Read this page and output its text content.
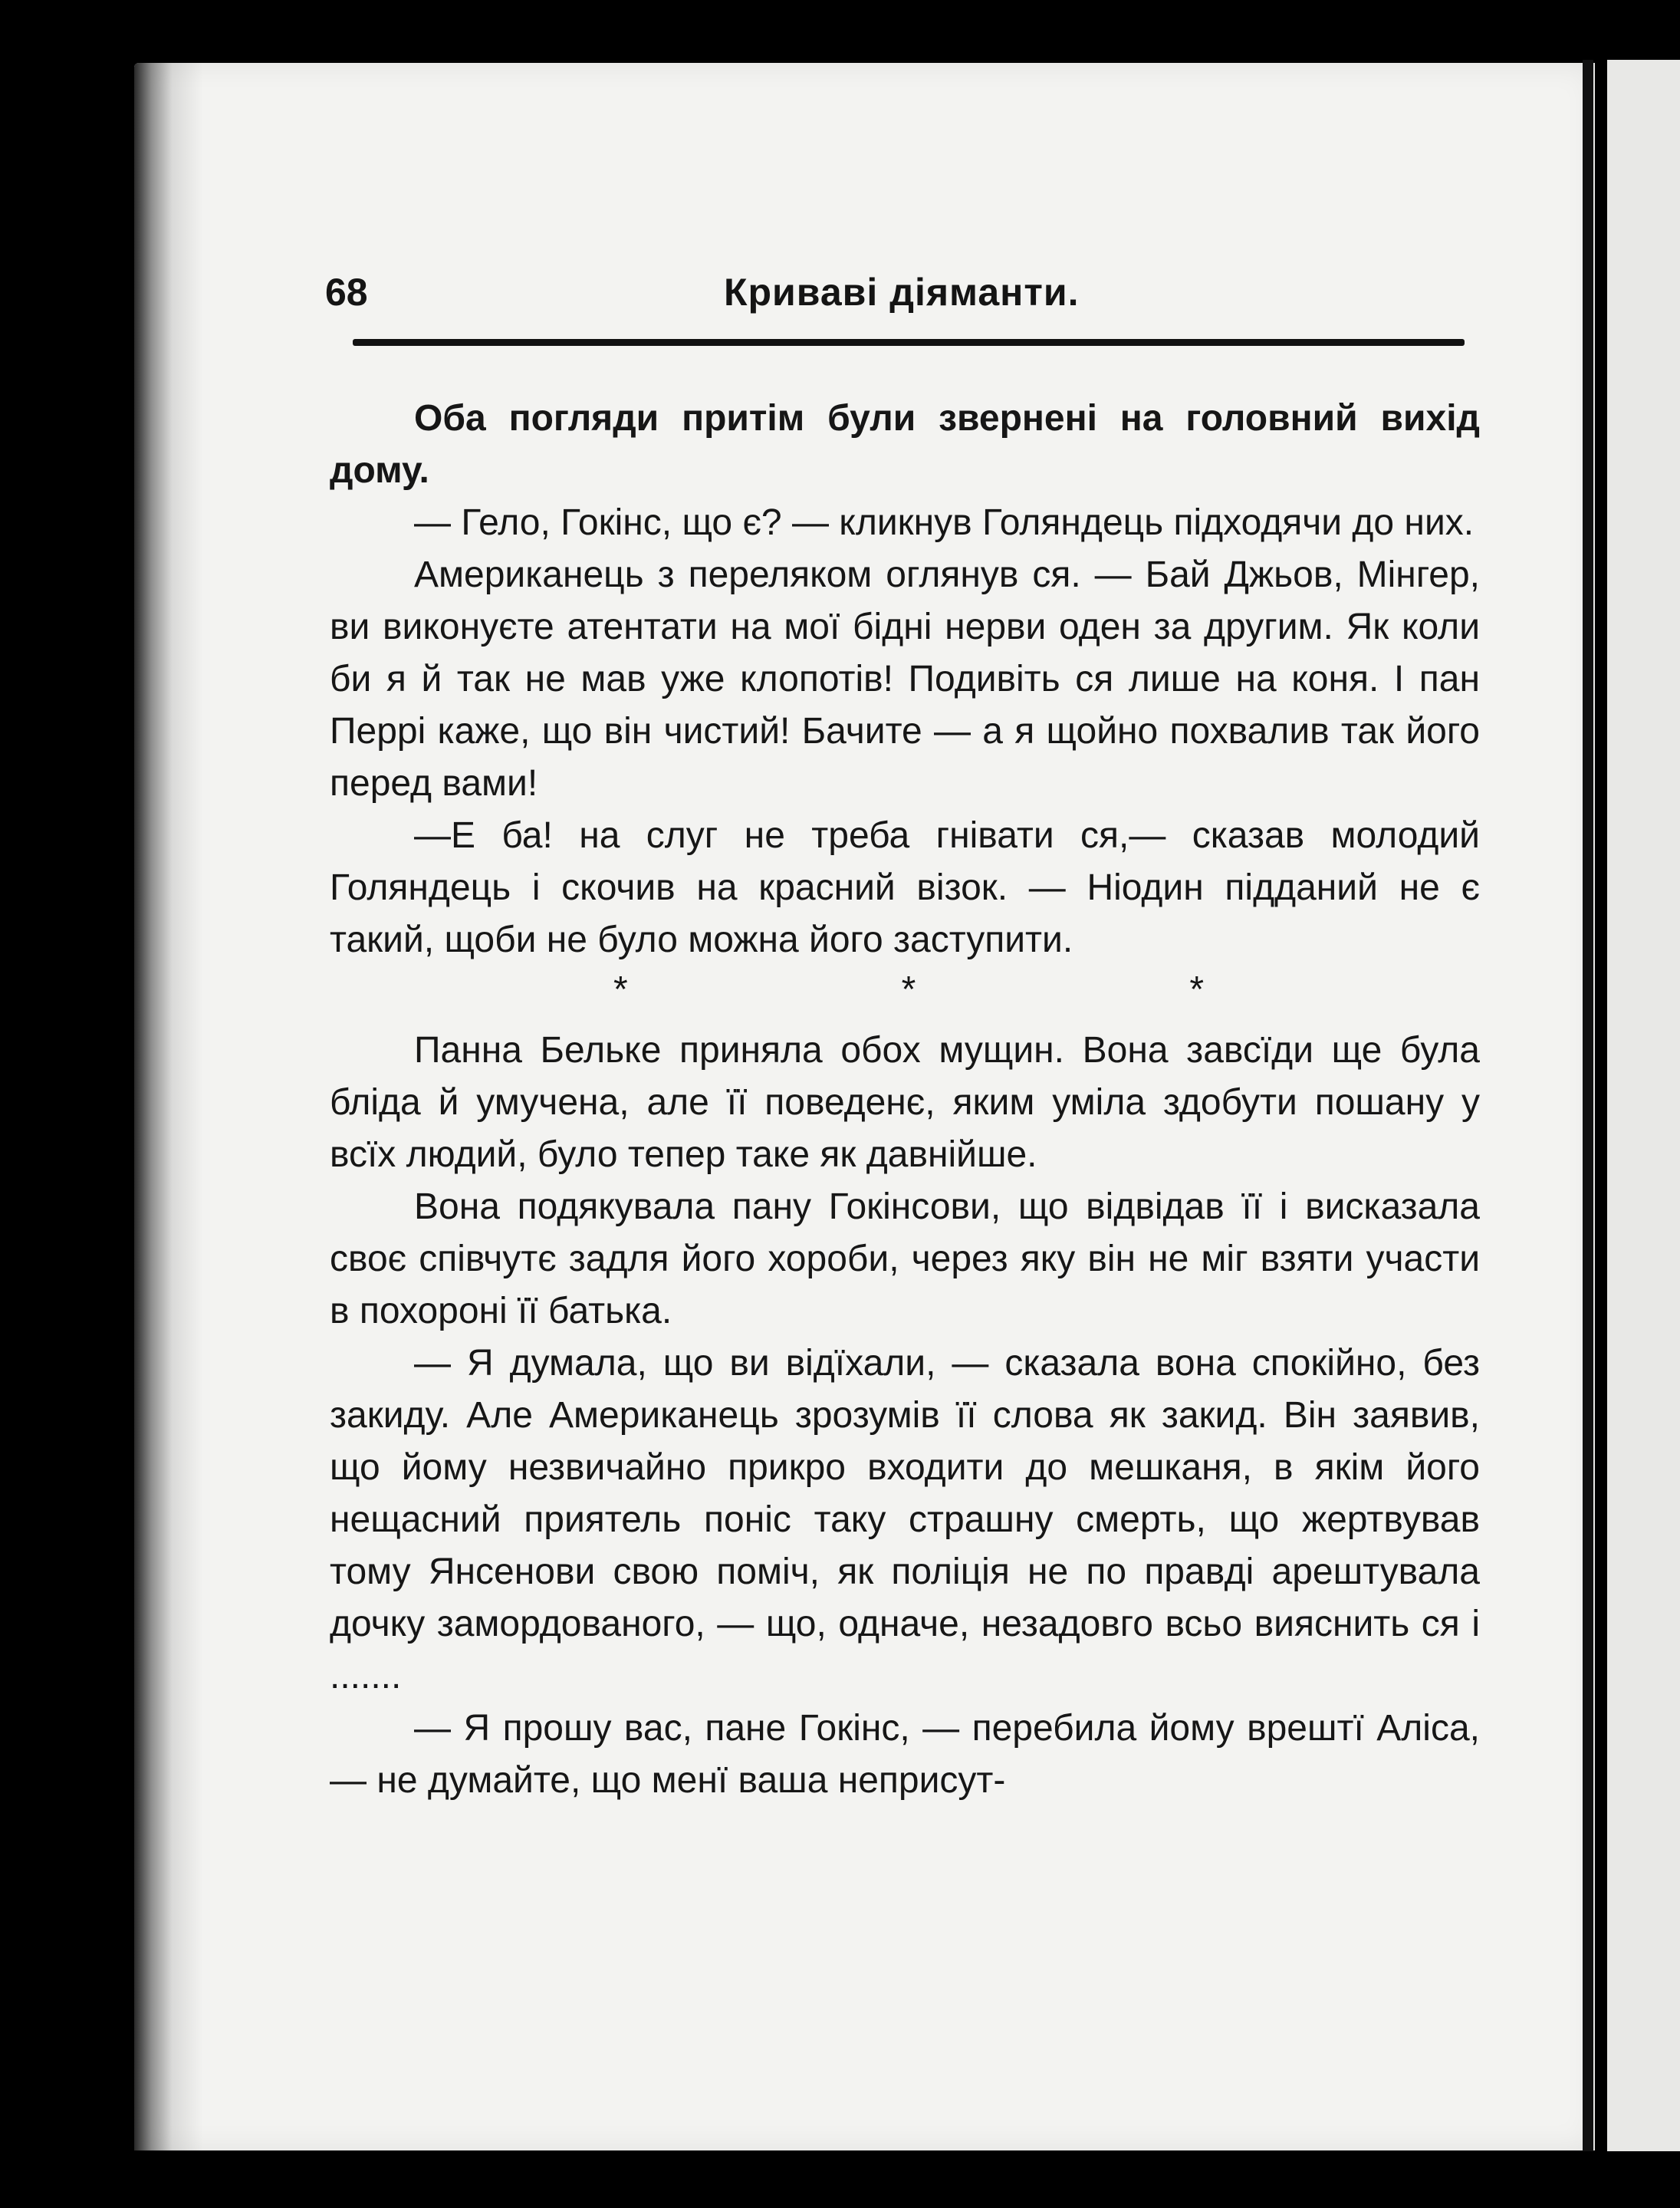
68	Криваві діяманти.

Оба погляди притім були звернені на головний вихід дому.

— Гело, Гокінс, що є? — кликнув Голяндець підходячи до них.

Американець з переляком оглянув ся. — Бай Джьов, Мінгер, ви виконуєте атентати на мої бідні нерви оден за другим. Як коли би я й так не мав уже клопотів! Подивіть ся лише на коня. І пан Перрі каже, що він чистий! Бачите — а я щойно похвалив так його перед вами!

—Е ба! на слуг не треба гнівати ся,— сказав молодий Голяндець і скочив на красний візок. — Ніодин підданий не є такий, щоби не було можна його заступити.

*	*	*

Панна Бельке приняла обох мущин. Вона завсїди ще була бліда й умучена, але її поведенє, яким уміла здобути пошану у всїх людий, було тепер таке як давнійше.

Вона подякувала пану Гокінсови, що відвідав її і висказала своє співчутє задля його хороби, через яку він не міг взяти участи в похороні її батька.

— Я думала, що ви відїхали, — сказала вона спокійно, без закиду. Але Американець зрозумів її слова як закид. Він заявив, що йому незвичайно прикро входити до мешканя, в якім його нещасний приятель поніс таку страшну смерть, що жертвував тому Янсенови свою поміч, як поліція не по правді арештувала дочку замордованого, — що, одначе, незадовго всьо вияснить ся і .......

— Я прошу вас, пане Гокінс, — перебила йому врештї Аліса, — не думайте, що менї ваша неприсут-
